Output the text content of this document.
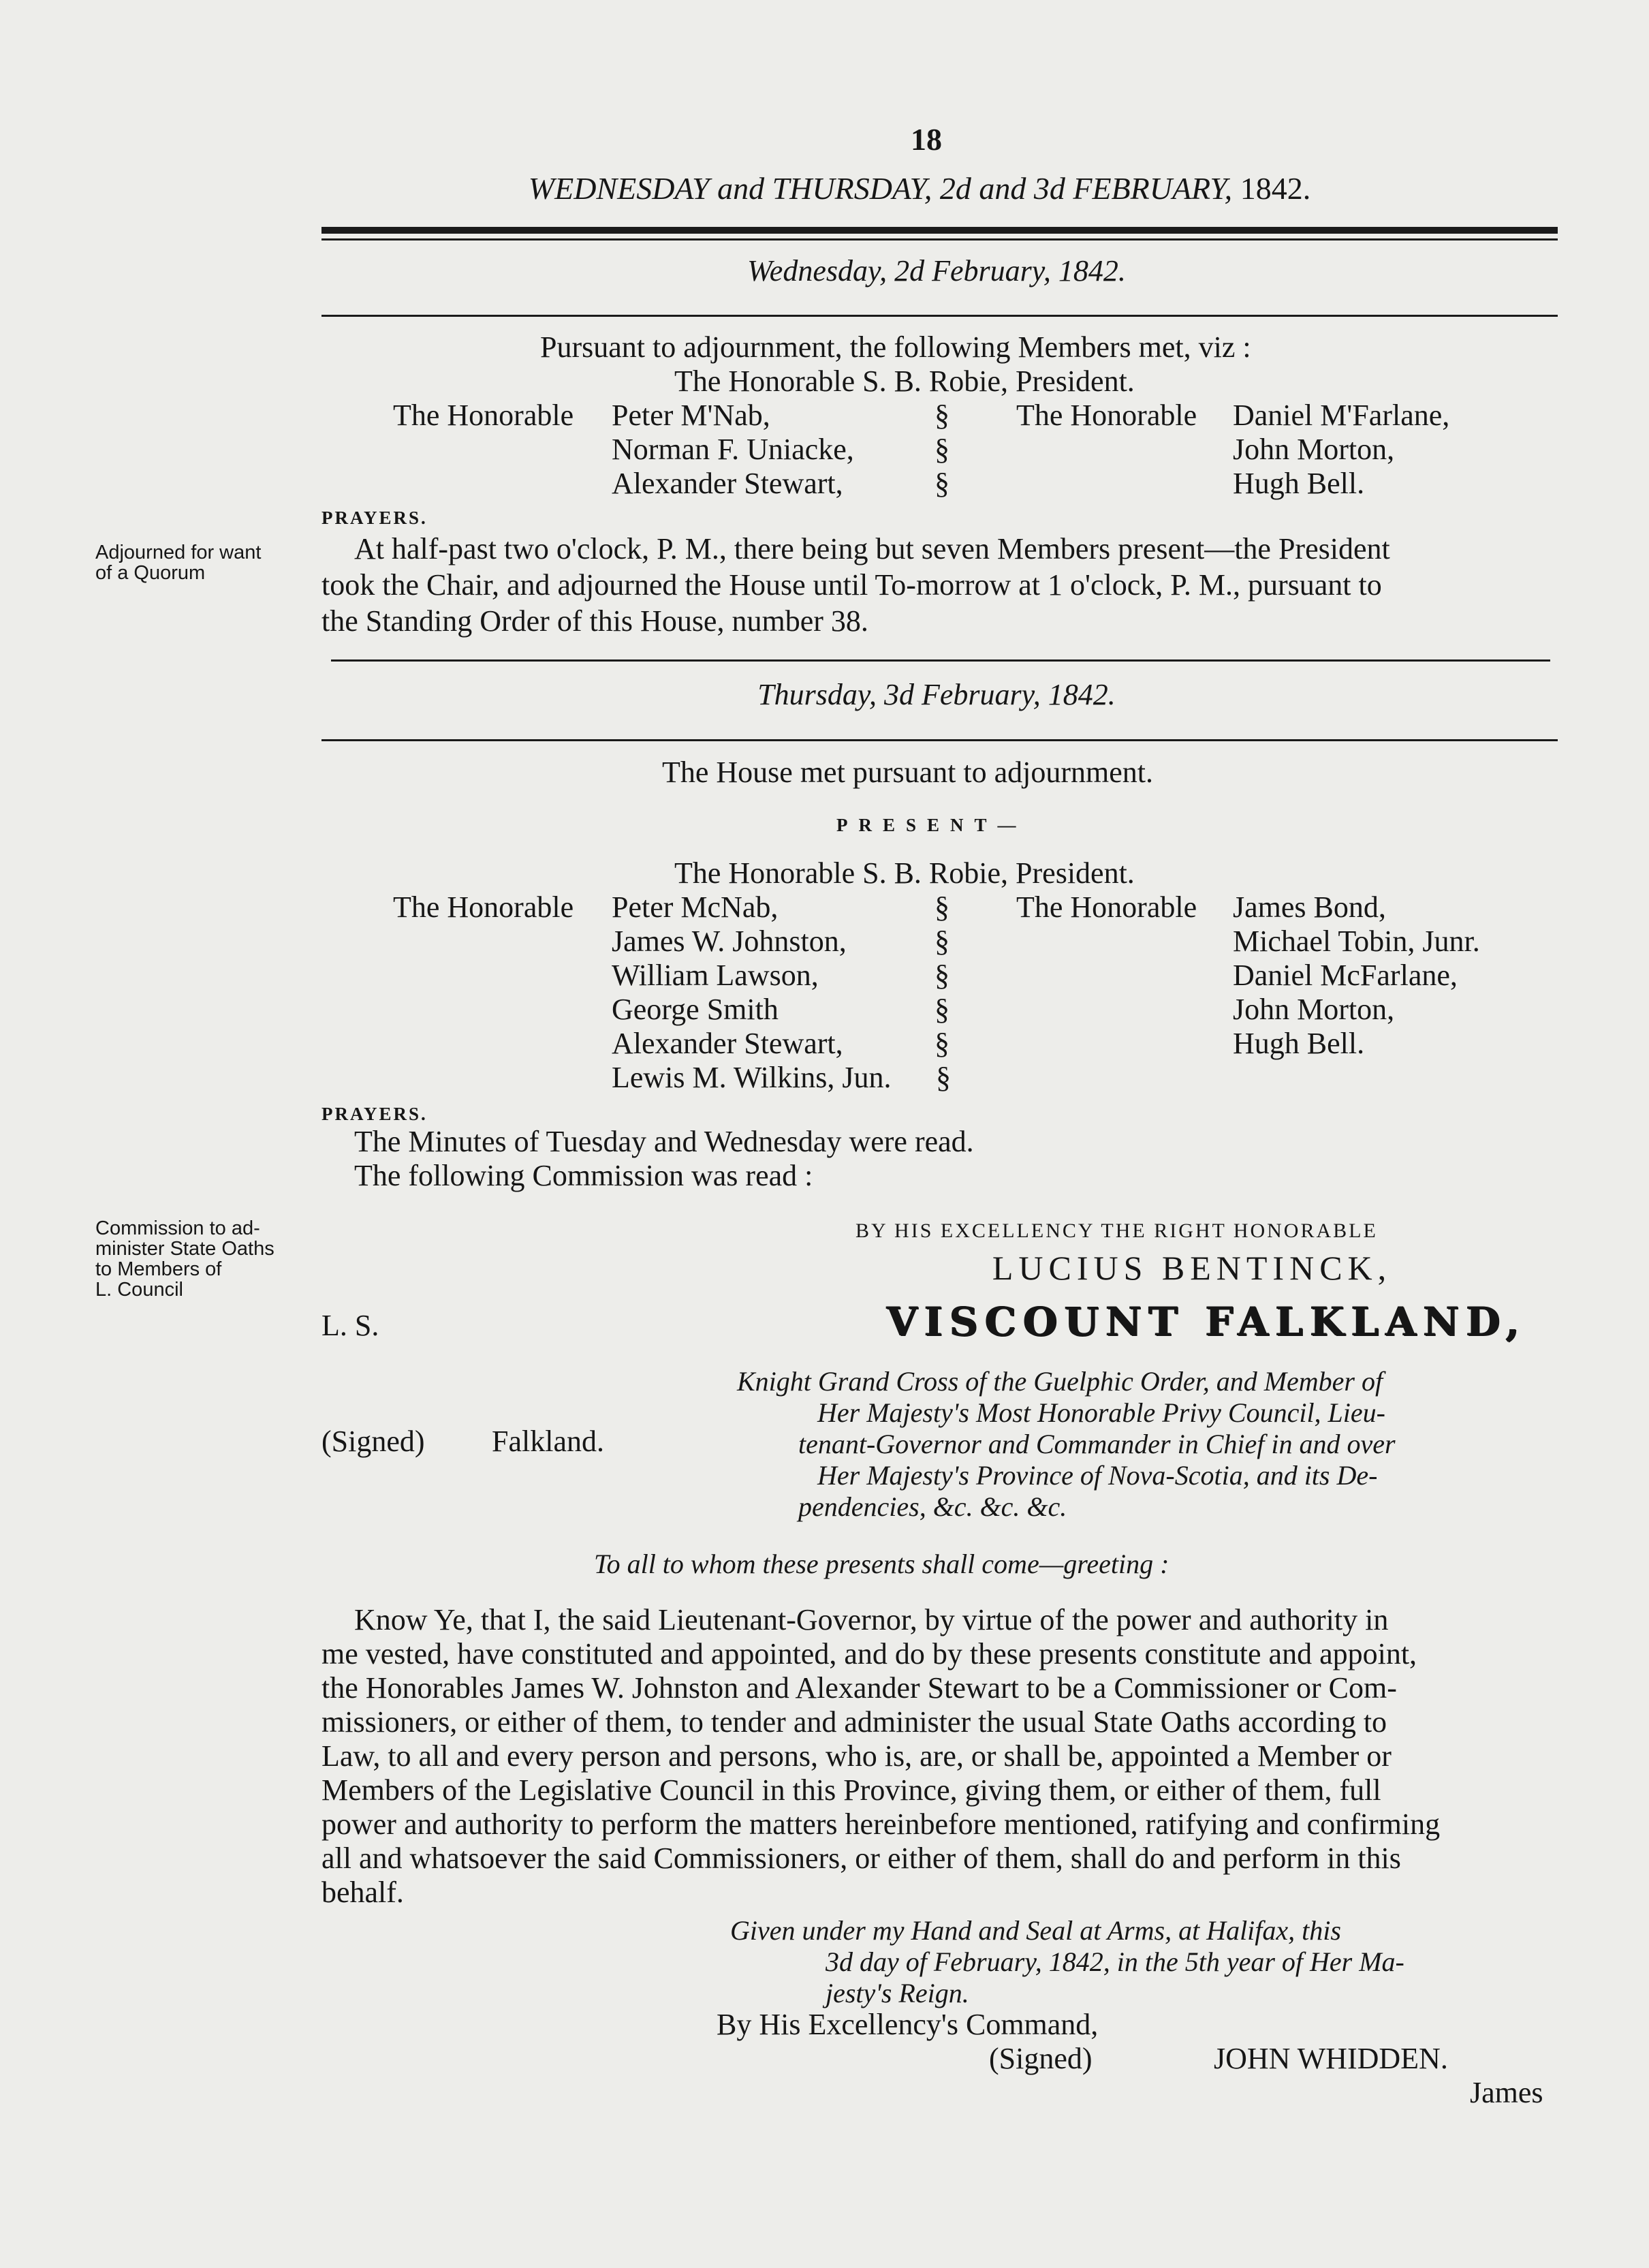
18
WEDNESDAY and THURSDAY, 2d and 3d FEBRUARY, 1842.
Wednesday, 2d February, 1842.
Pursuant to adjournment, the following Members met, viz :
The Honorable S. B. Robie, President.
The Honorable Peter M'Nab,
Norman F. Uniacke,
Alexander Stewart,
§
§
§
The Honorable Daniel M'Farlane,
John Morton,
Hugh Bell.
PRAYERS.
Adjourned for want
of a Quorum
At half-past two o'clock, P. M., there being but seven Members present—the President
took the Chair, and adjourned the House until To-morrow at 1 o'clock, P. M., pursuant to
the Standing Order of this House, number 38.
Thursday, 3d February, 1842.
The House met pursuant to adjournment.
PRESENT—
The Honorable S. B. Robie, President.
The Honorable Peter McNab,
James W. Johnston,
William Lawson,
George Smith
Alexander Stewart,
Lewis M. Wilkins, Jun.
§
§
§
§
§
§
The Honorable James Bond,
Michael Tobin, Junr.
Daniel McFarlane,
John Morton,
Hugh Bell.
PRAYERS.
The Minutes of Tuesday and Wednesday were read.
The following Commission was read :
Commission to ad-
minister State Oaths
to Members of
L. Council
BY HIS EXCELLENCY THE RIGHT HONORABLE
LUCIUS BENTINCK,
L. S.	VISCOUNT FALKLAND,
Knight Grand Cross of the Guelphic Order, and Member of
Her Majesty's Most Honorable Privy Council, Lieu-
tenant-Governor and Commander in Chief in and over
Her Majesty's Province of Nova-Scotia, and its De-
pendencies, &c. &c. &c.
(Signed) Falkland.
To all to whom these presents shall come—greeting :
Know Ye, that I, the said Lieutenant-Governor, by virtue of the power and authority in
me vested, have constituted and appointed, and do by these presents constitute and appoint,
the Honorables James W. Johnston and Alexander Stewart to be a Commissioner or Com-
missioners, or either of them, to tender and administer the usual State Oaths according to
Law, to all and every person and persons, who is, are, or shall be, appointed a Member or
Members of the Legislative Council in this Province, giving them, or either of them, full
power and authority to perform the matters hereinbefore mentioned, ratifying and confirming
all and whatsoever the said Commissioners, or either of them, shall do and perform in this
behalf.
Given under my Hand and Seal at Arms, at Halifax, this
3d day of February, 1842, in the 5th year of Her Ma-
jesty's Reign.
By His Excellency's Command,
(Signed)	JOHN WHIDDEN.
James
